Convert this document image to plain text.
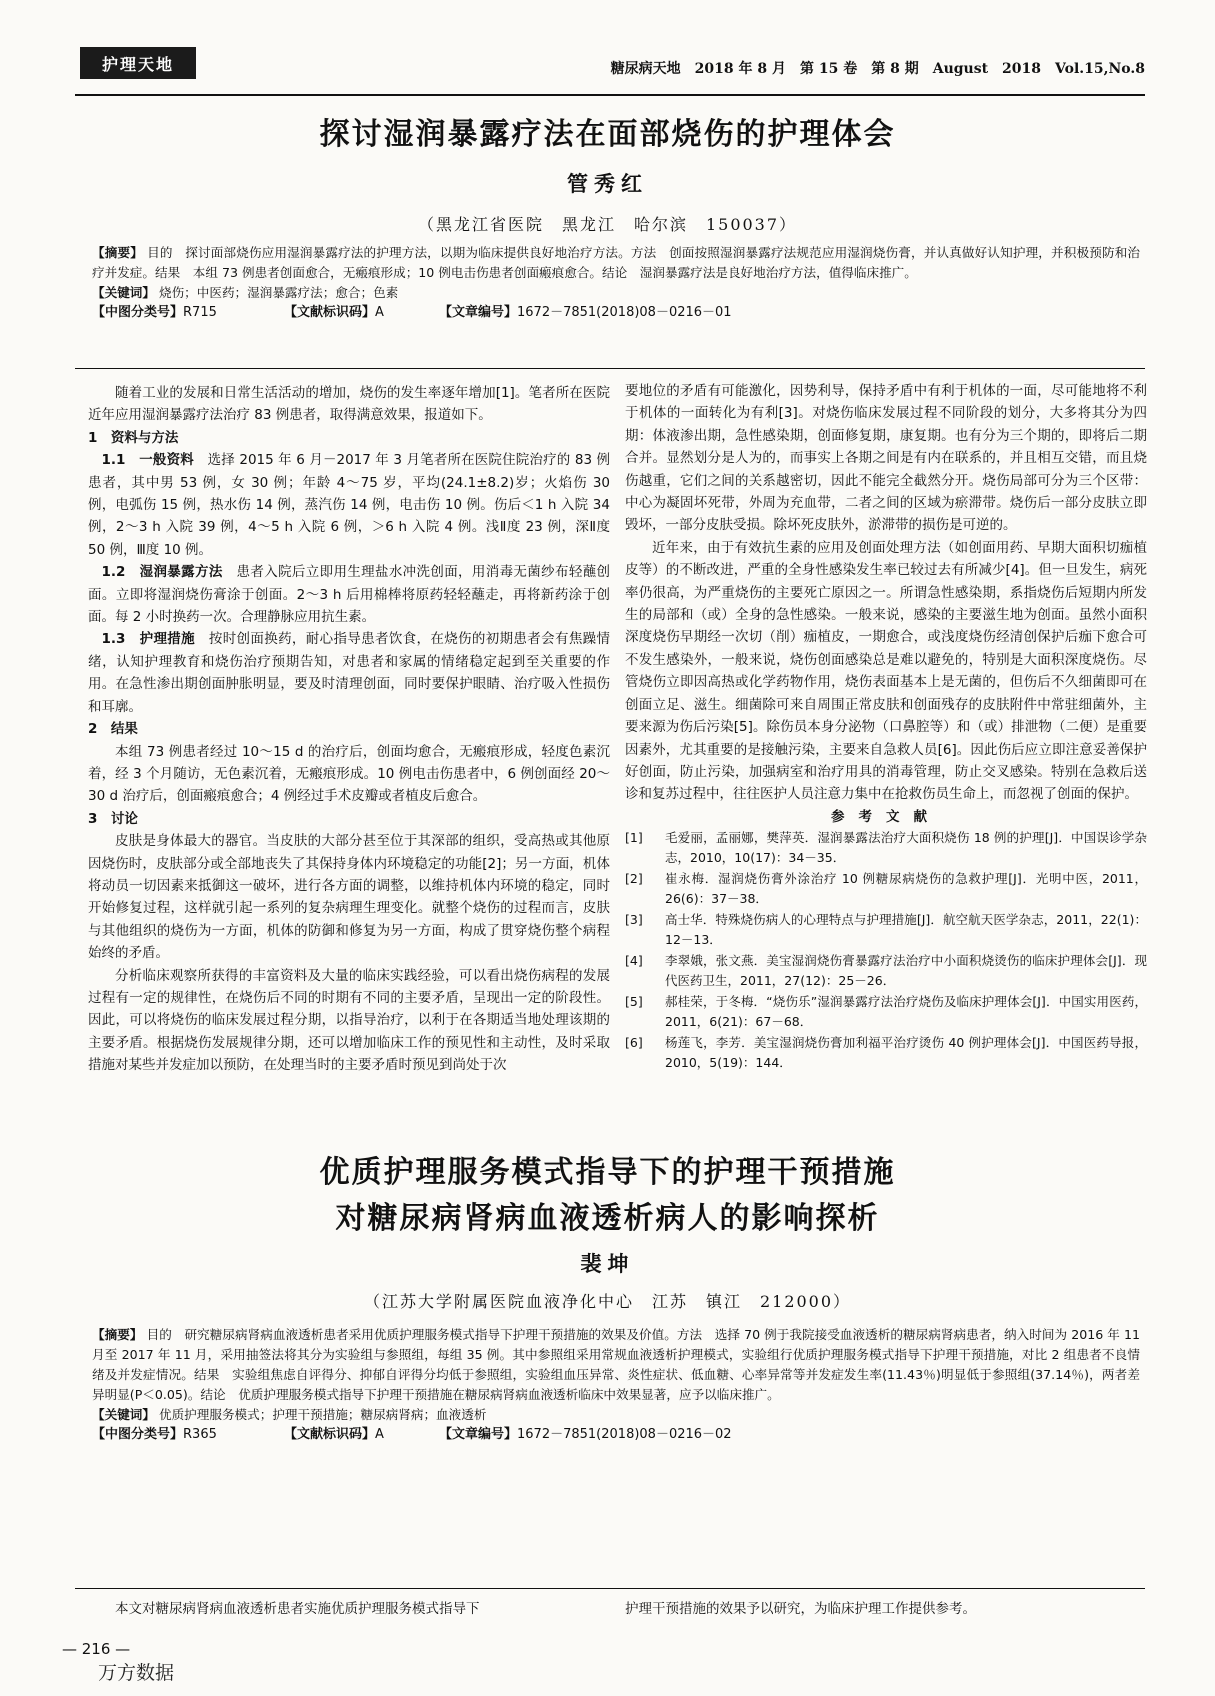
护理天地	糖尿病天地　2018 年 8 月　第 15 卷　第 8 期　August　2018　Vol.15,No.8
探讨湿润暴露疗法在面部烧伤的护理体会
管秀红
（黑龙江省医院　黑龙江　哈尔滨　150037）
【摘要】 目的　探讨面部烧伤应用湿润暴露疗法的护理方法，以期为临床提供良好地治疗方法。方法　创面按照湿润暴露疗法规范应用湿润烧伤膏，并认真做好认知护理，并积极预防和治疗并发症。结果　本组 73 例患者创面愈合，无瘢痕形成；10 例电击伤患者创面瘢痕愈合。结论　湿润暴露疗法是良好地治疗方法，值得临床推广。
【关键词】 烧伤；中医药；湿润暴露疗法；愈合；色素
【中图分类号】R715	【文献标识码】A	【文章编号】1672－7851(2018)08－0216－01

随着工业的发展和日常生活活动的增加，烧伤的发生率逐年增加[1]。笔者所在医院近年应用湿润暴露疗法治疗 83 例患者，取得满意效果，报道如下。

1　资料与方法

1.1　一般资料　选择 2015 年 6 月－2017 年 3 月笔者所在医院住院治疗的 83 例患者，其中男 53 例，女 30 例；年龄 4～75 岁，平均(24.1±8.2)岁；火焰伤 30 例，电弧伤 15 例，热水伤 14 例，蒸汽伤 14 例，电击伤 10 例。伤后＜1 h 入院 34 例，2～3 h 入院 39 例，4～5 h 入院 6 例，＞6 h 入院 4 例。浅Ⅱ度 23 例，深Ⅱ度 50 例，Ⅲ度 10 例。

1.2　湿润暴露方法　患者入院后立即用生理盐水冲洗创面，用消毒无菌纱布轻蘸创面。立即将湿润烧伤膏涂于创面。2～3 h 后用棉棒将原药轻轻蘸走，再将新药涂于创面。每 2 小时换药一次。合理静脉应用抗生素。

1.3　护理措施　按时创面换药，耐心指导患者饮食，在烧伤的初期患者会有焦躁情绪，认知护理教育和烧伤治疗预期告知，对患者和家属的情绪稳定起到至关重要的作用。在急性渗出期创面肿胀明显，要及时清理创面，同时要保护眼睛、治疗吸入性损伤和耳廓。

2　结果

本组 73 例患者经过 10～15 d 的治疗后，创面均愈合，无瘢痕形成，轻度色素沉着，经 3 个月随访，无色素沉着，无瘢痕形成。10 例电击伤患者中，6 例创面经 20～30 d 治疗后，创面瘢痕愈合；4 例经过手术皮瓣或者植皮后愈合。

3　讨论

皮肤是身体最大的器官。当皮肤的大部分甚至位于其深部的组织，受高热或其他原因烧伤时，皮肤部分或全部地丧失了其保持身体内环境稳定的功能[2]；另一方面，机体将动员一切因素来抵御这一破坏，进行各方面的调整，以维持机体内环境的稳定，同时开始修复过程，这样就引起一系列的复杂病理生理变化。就整个烧伤的过程而言，皮肤与其他组织的烧伤为一方面，机体的防御和修复为另一方面，构成了贯穿烧伤整个病程始终的矛盾。

分析临床观察所获得的丰富资料及大量的临床实践经验，可以看出烧伤病程的发展过程有一定的规律性，在烧伤后不同的时期有不同的主要矛盾，呈现出一定的阶段性。因此，可以将烧伤的临床发展过程分期，以指导治疗，以利于在各期适当地处理该期的主要矛盾。根据烧伤发展规律分期，还可以增加临床工作的预见性和主动性，及时采取措施对某些并发症加以预防，在处理当时的主要矛盾时预见到尚处于次

要地位的矛盾有可能激化，因势利导，保持矛盾中有利于机体的一面，尽可能地将不利于机体的一面转化为有利[3]。对烧伤临床发展过程不同阶段的划分，大多将其分为四期：体液渗出期，急性感染期，创面修复期，康复期。也有分为三个期的，即将后二期合并。显然划分是人为的，而事实上各期之间是有内在联系的，并且相互交错，而且烧伤越重，它们之间的关系越密切，因此不能完全截然分开。烧伤局部可分为三个区带：中心为凝固坏死带，外周为充血带，二者之间的区域为瘀滞带。烧伤后一部分皮肤立即毁坏，一部分皮肤受损。除坏死皮肤外，淤滞带的损伤是可逆的。

近年来，由于有效抗生素的应用及创面处理方法（如创面用药、早期大面积切痂植皮等）的不断改进，严重的全身性感染发生率已较过去有所减少[4]。但一旦发生，病死率仍很高，为严重烧伤的主要死亡原因之一。所谓急性感染期，系指烧伤后短期内所发生的局部和（或）全身的急性感染。一般来说，感染的主要滋生地为创面。虽然小面积深度烧伤早期经一次切（削）痂植皮，一期愈合，或浅度烧伤经清创保护后痂下愈合可不发生感染外，一般来说，烧伤创面感染总是难以避免的，特别是大面积深度烧伤。尽管烧伤立即因高热或化学药物作用，烧伤表面基本上是无菌的，但伤后不久细菌即可在创面立足、滋生。细菌除可来自周围正常皮肤和创面残存的皮肤附件中常驻细菌外，主要来源为伤后污染[5]。除伤员本身分泌物（口鼻腔等）和（或）排泄物（二便）是重要因素外，尤其重要的是接触污染，主要来自急救人员[6]。因此伤后应立即注意妥善保护好创面，防止污染，加强病室和治疗用具的消毒管理，防止交叉感染。特别在急救后送诊和复苏过程中，往往医护人员注意力集中在抢救伤员生命上，而忽视了创面的保护。

参考文献

[1]	毛爱丽，孟丽娜，樊萍英．湿润暴露法治疗大面积烧伤 18 例的护理[J]．中国误诊学杂志，2010，10(17)：34－35．
[2]	崔永梅．湿润烧伤膏外涂治疗 10 例糖尿病烧伤的急救护理[J]．光明中医，2011，26(6)：37－38．
[3]	高士华．特殊烧伤病人的心理特点与护理措施[J]．航空航天医学杂志，2011，22(1)：12－13．
[4]	李翠娥，张文燕．美宝湿润烧伤膏暴露疗法治疗中小面积烧烫伤的临床护理体会[J]．现代医药卫生，2011，27(12)：25－26．
[5]	郝桂荣，于冬梅．“烧伤乐”湿润暴露疗法治疗烧伤及临床护理体会[J]．中国实用医药，2011，6(21)：67－68．
[6]	杨莲飞，李芳．美宝湿润烧伤膏加利福平治疗烫伤 40 例护理体会[J]．中国医药导报，2010，5(19)：144．
优质护理服务模式指导下的护理干预措施
对糖尿病肾病血液透析病人的影响探析
裴坤
（江苏大学附属医院血液净化中心　江苏　镇江　212000）
【摘要】 目的　研究糖尿病肾病血液透析患者采用优质护理服务模式指导下护理干预措施的效果及价值。方法　选择 70 例于我院接受血液透析的糖尿病肾病患者，纳入时间为 2016 年 11 月至 2017 年 11 月，采用抽签法将其分为实验组与参照组，每组 35 例。其中参照组采用常规血液透析护理模式，实验组行优质护理服务模式指导下护理干预措施，对比 2 组患者不良情绪及并发症情况。结果　实验组焦虑自评得分、抑郁自评得分均低于参照组，实验组血压异常、炎性症状、低血糖、心率异常等并发症发生率(11.43％)明显低于参照组(37.14％)，两者差异明显(P＜0.05)。结论　优质护理服务模式指导下护理干预措施在糖尿病肾病血液透析临床中效果显著，应予以临床推广。
【关键词】 优质护理服务模式；护理干预措施；糖尿病肾病；血液透析
【中图分类号】R365	【文献标识码】A	【文章编号】1672－7851(2018)08－0216－02

本文对糖尿病肾病血液透析患者实施优质护理服务模式指导下	护理干预措施的效果予以研究，为临床护理工作提供参考。

— 216 —
万方数据
